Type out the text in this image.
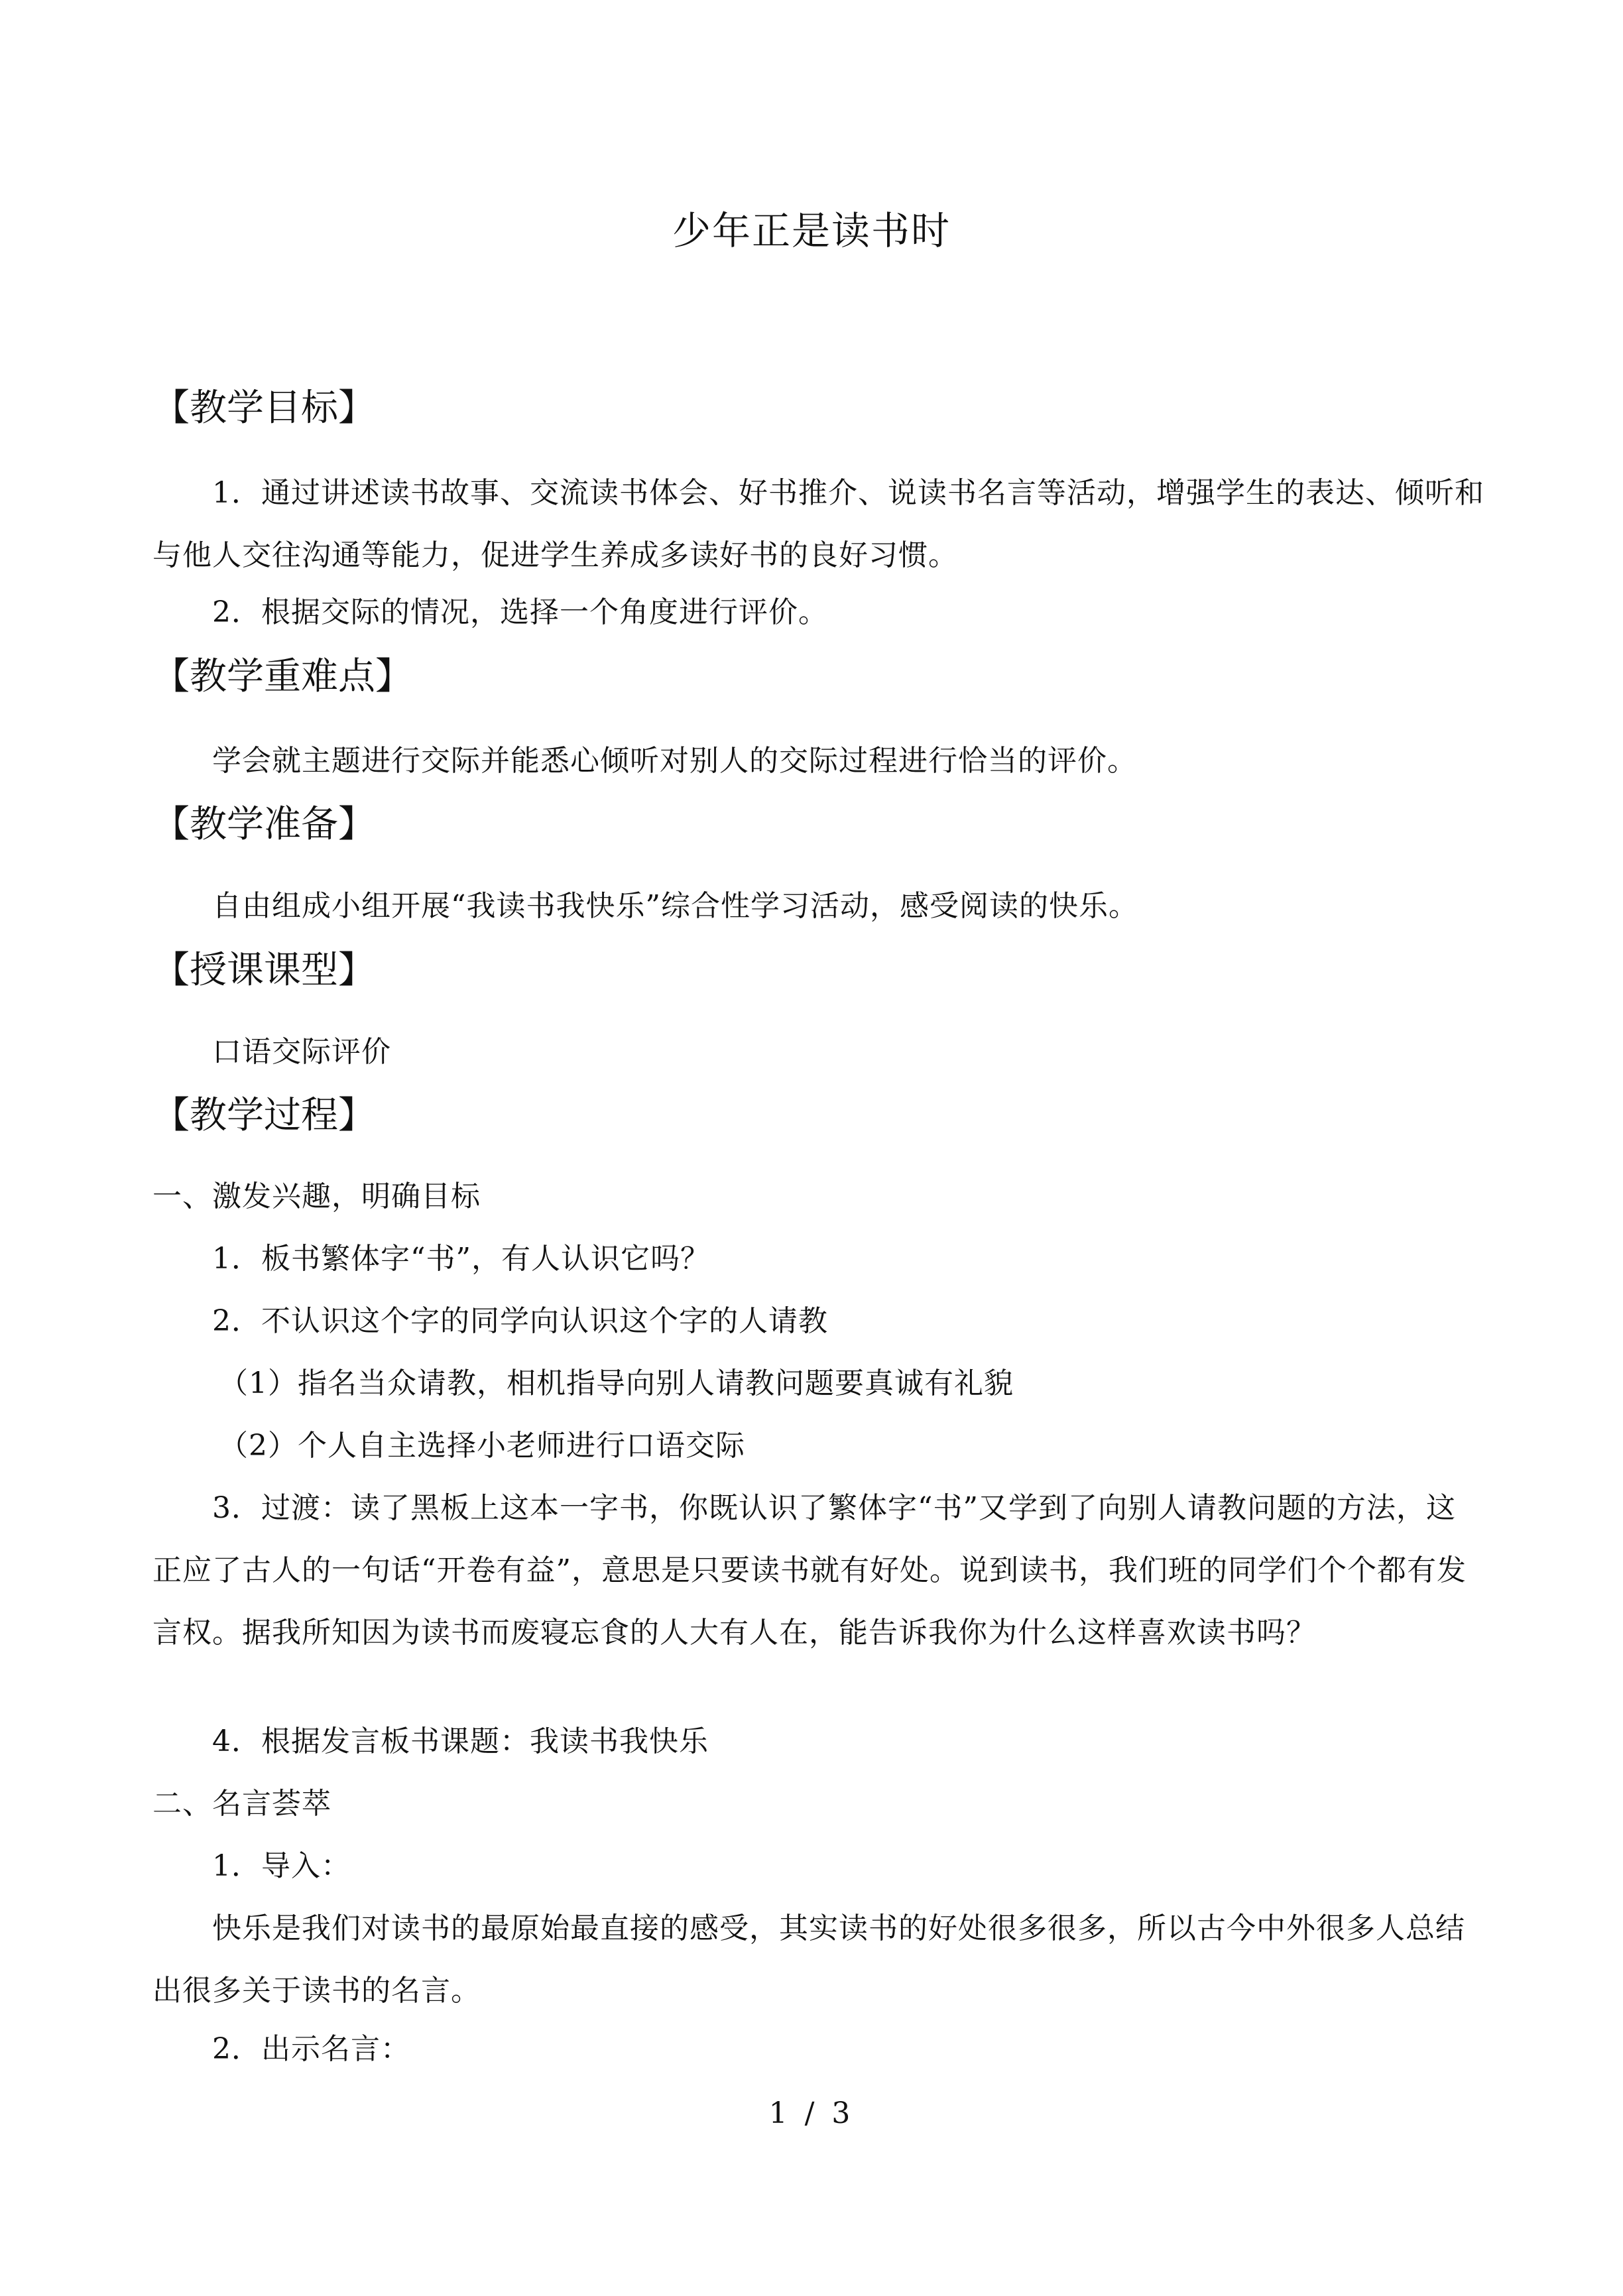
少年正是读书时
【教学目标】
1．通过讲述读书故事、交流读书体会、好书推介、说读书名言等活动，增强学生的表达、倾听和与他人交往沟通等能力，促进学生养成多读好书的良好习惯。
2．根据交际的情况，选择一个角度进行评价。
【教学重难点】
学会就主题进行交际并能悉心倾听对别人的交际过程进行恰当的评价。
【教学准备】
自由组成小组开展“我读书我快乐”综合性学习活动，感受阅读的快乐。
【授课课型】
口语交际评价
【教学过程】
一、激发兴趣，明确目标
1．板书繁体字“书”，有人认识它吗？
2．不认识这个字的同学向认识这个字的人请教
（1）指名当众请教，相机指导向别人请教问题要真诚有礼貌
（2）个人自主选择小老师进行口语交际
3．过渡：读了黑板上这本一字书，你既认识了繁体字“书”又学到了向别人请教问题的方法，这正应了古人的一句话“开卷有益”，意思是只要读书就有好处。说到读书，我们班的同学们个个都有发言权。据我所知因为读书而废寝忘食的人大有人在，能告诉我你为什么这样喜欢读书吗？
4．根据发言板书课题：我读书我快乐
二、名言荟萃
1．导入：
快乐是我们对读书的最原始最直接的感受，其实读书的好处很多很多，所以古今中外很多人总结出很多关于读书的名言。
2．出示名言：
1 / 3
